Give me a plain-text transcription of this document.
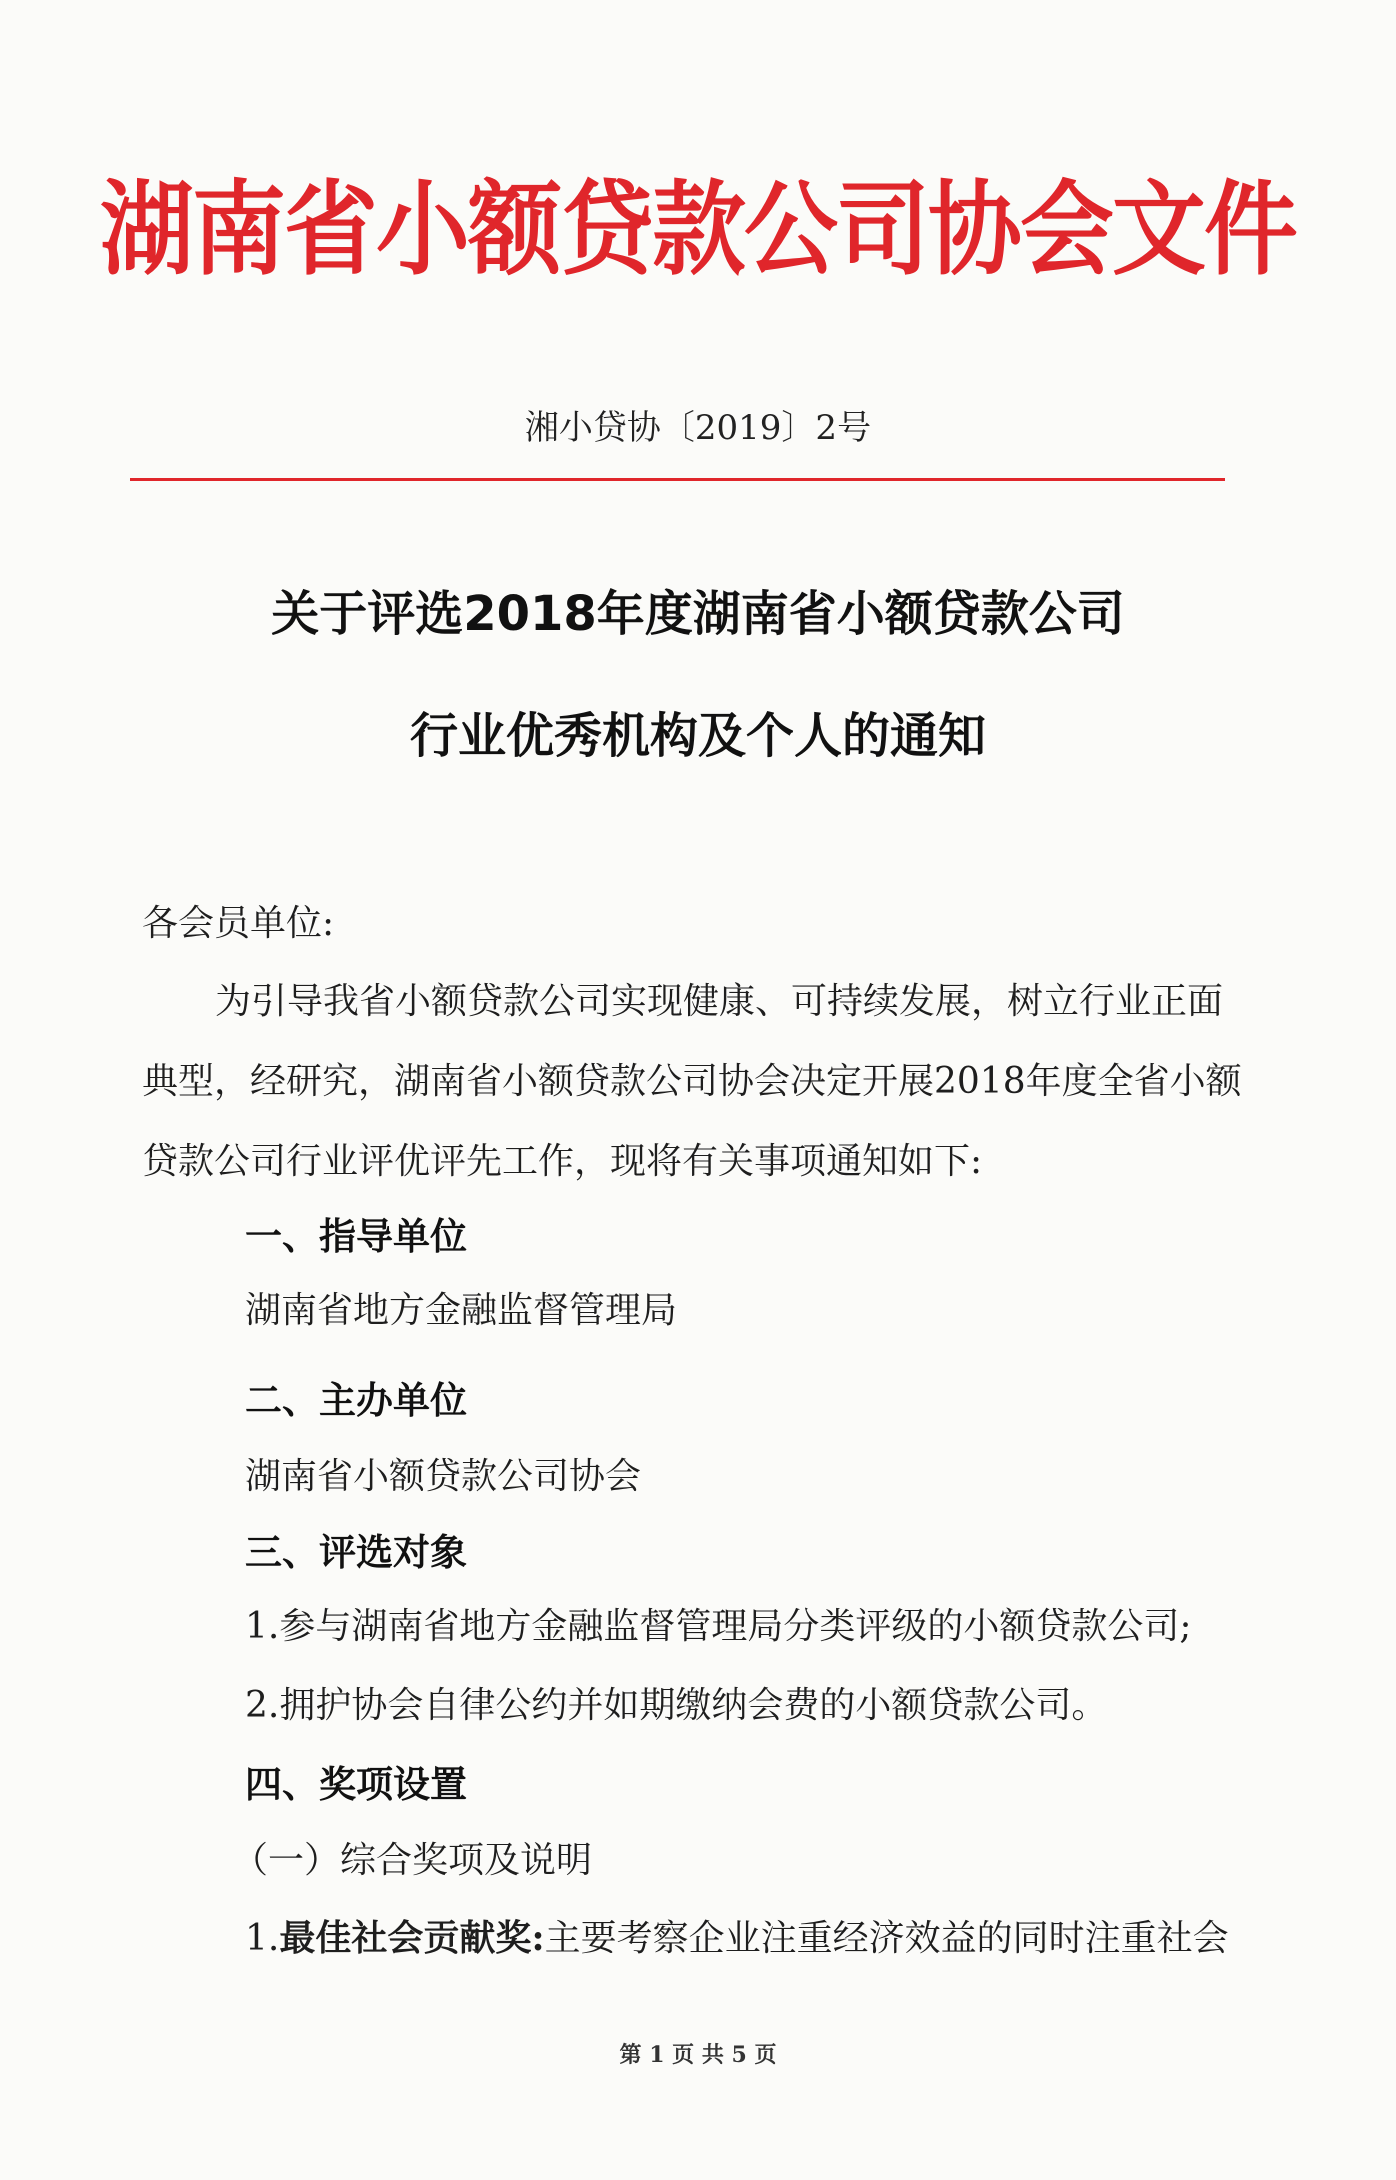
湖南省小额贷款公司协会文件
湘小贷协〔2019〕2号
关于评选2018年度湖南省小额贷款公司
行业优秀机构及个人的通知
各会员单位:
为引导我省小额贷款公司实现健康、可持续发展，树立行业正面
典型，经研究，湖南省小额贷款公司协会决定开展2018年度全省小额
贷款公司行业评优评先工作，现将有关事项通知如下:
一、指导单位
湖南省地方金融监督管理局
二、主办单位
湖南省小额贷款公司协会
三、评选对象
1.参与湖南省地方金融监督管理局分类评级的小额贷款公司;
2.拥护协会自律公约并如期缴纳会费的小额贷款公司。
四、奖项设置
（一）综合奖项及说明
1.最佳社会贡献奖:主要考察企业注重经济效益的同时注重社会
第 1 页 共 5 页
